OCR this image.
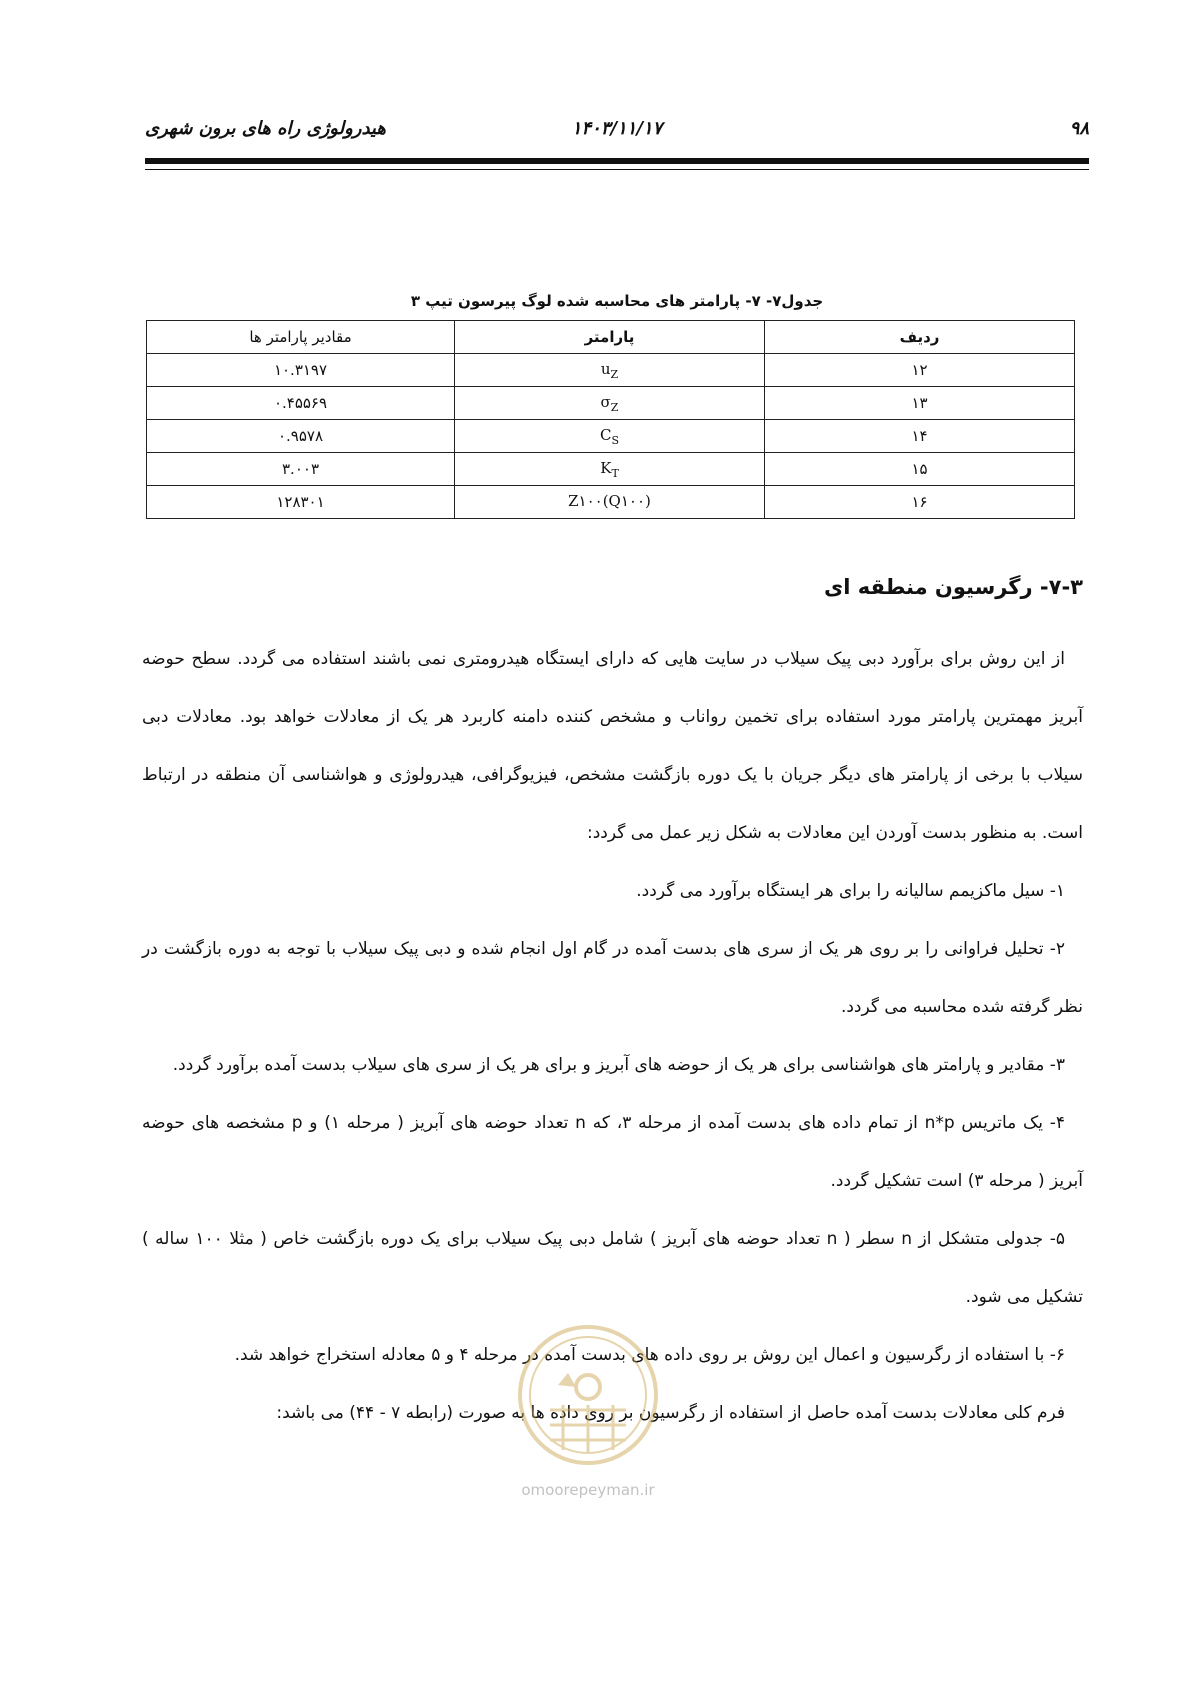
۹۸
۱۴۰۳/۱۱/۱۷
هیدرولوژی راه های برون شهری
جدول۷- ۷- پارامتر های محاسبه شده لوگ پیرسون تیپ ۳
ردیف	پارامتر	مقادیر پارامتر ها
۱۲	$u_Z$	۱۰.۳۱۹۷
۱۳	$\sigma_Z$	۰.۴۵۵۶۹
۱۴	$C_S$	۰.۹۵۷۸
۱۵	$K_T$	۳.۰۰۳
۱۶	Z۱۰۰(Q۱۰۰)	۱۲۸۳۰۱
۷-۳- رگرسیون منطقه ای

از این روش برای برآورد دبی پیک سیلاب در سایت هایی که دارای ایستگاه هیدرومتری نمی باشند استفاده می گردد. سطح حوضه آبریز مهمترین پارامتر مورد استفاده برای تخمین رواناب و مشخص کننده دامنه کاربرد هر یک از معادلات خواهد بود. معادلات دبی سیلاب با برخی از پارامتر های دیگر جریان با یک دوره بازگشت مشخص، فیزیوگرافی، هیدرولوژی و هواشناسی آن منطقه در ارتباط است. به منظور بدست آوردن این معادلات به شکل زیر عمل می گردد:

۱- سیل ماکزیمم سالیانه را برای هر ایستگاه برآورد می گردد.

۲- تحلیل فراوانی را بر روی هر یک از سری های بدست آمده در گام اول انجام شده و دبی پیک سیلاب با توجه به دوره بازگشت در نظر گرفته شده محاسبه می گردد.

۳- مقادیر و پارامتر های هواشناسی برای هر یک از حوضه های آبریز و برای هر یک از سری های سیلاب بدست آمده برآورد گردد.

۴- یک ماتریس n*p از تمام داده های بدست آمده از مرحله ۳، که n تعداد حوضه های آبریز ( مرحله ۱) و p مشخصه های حوضه آبریز ( مرحله ۳) است تشکیل گردد.

۵- جدولی متشکل از n سطر ( n تعداد حوضه های آبریز ) شامل دبی پیک سیلاب برای یک دوره بازگشت خاص ( مثلا ۱۰۰ ساله ) تشکیل می شود.

۶- با استفاده از رگرسیون و اعمال این روش بر روی داده های بدست آمده در مرحله ۴ و ۵ معادله استخراج خواهد شد.

فرم کلی معادلات بدست آمده حاصل از استفاده از رگرسیون بر روی داده ها به صورت (رابطه ۷ - ۴۴) می باشد:

omoorepeyman.ir
